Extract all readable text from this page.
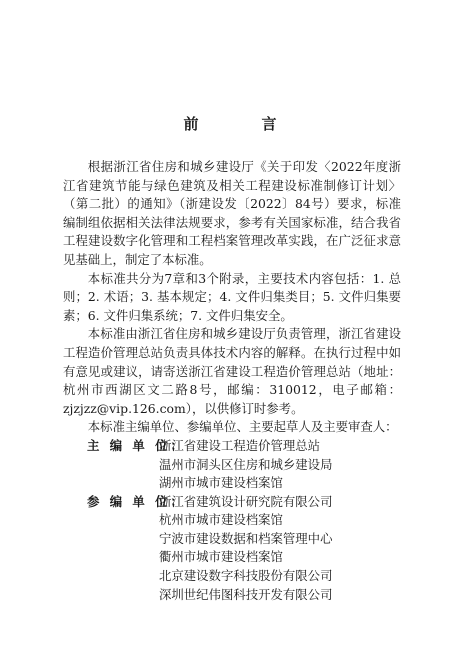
前　言

根据浙江省住房和城乡建设厅《关于印发〈2022年度浙江省建筑节能与绿色建筑及相关工程建设标准制修订计划〉（第二批）的通知》（浙建设发〔2022〕84号）要求，标准编制组依据相关法律法规要求，参考有关国家标准，结合我省工程建设数字化管理和工程档案管理改革实践，在广泛征求意见基础上，制定了本标准。

本标准共分为7章和3个附录，主要技术内容包括：1. 总则；2. 术语；3. 基本规定；4. 文件归集类目；5. 文件归集要素；6. 文件归集系统；7. 文件归集安全。

本标准由浙江省住房和城乡建设厅负责管理，浙江省建设工程造价管理总站负责具体技术内容的解释。在执行过程中如有意见或建议，请寄送浙江省建设工程造价管理总站（地址：杭州市西湖区文二路8号，邮编：310012，电子邮箱：zjzjzz@vip.126.com），以供修订时参考。

本标准主编单位、参编单位、主要起草人及主要审查人：

主 编 单 位：
浙江省建设工程造价管理总站
温州市洞头区住房和城乡建设局
湖州市城市建设档案馆
参 编 单 位：
浙江省建筑设计研究院有限公司
杭州市城市建设档案馆
宁波市建设数据和档案管理中心
衢州市城市建设档案馆
北京建设数字科技股份有限公司
深圳世纪伟图科技开发有限公司
